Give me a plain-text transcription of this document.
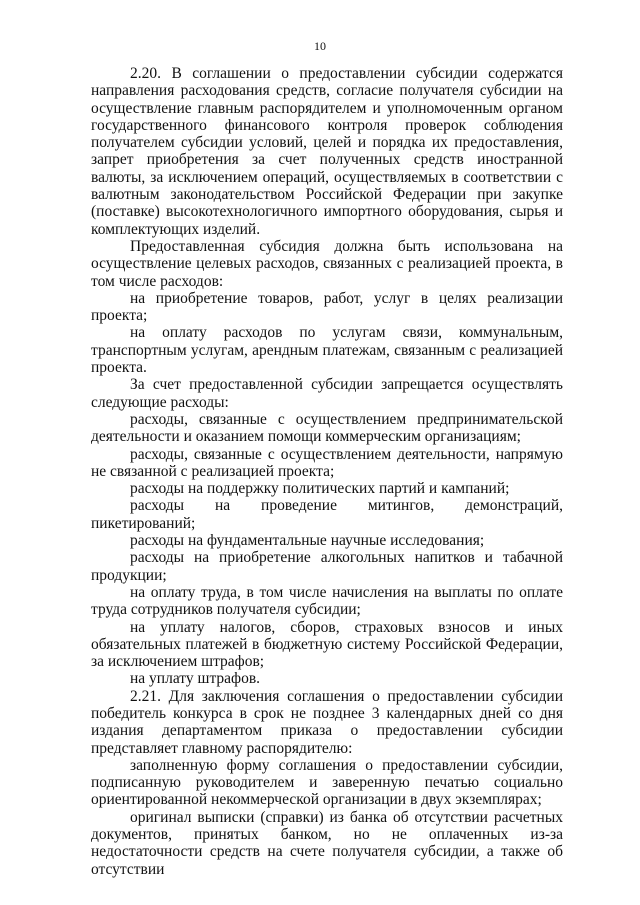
10

2.20. В соглашении о предоставлении субсидии содержатся направления расходования средств, согласие получателя субсидии на осуществление главным распорядителем и уполномоченным органом государственного финансового контроля проверок соблюдения получателем субсидии условий, целей и порядка их предоставления, запрет приобретения за счет полученных средств иностранной валюты, за исключением операций, осуществляемых в соответствии с валютным законодательством Российской Федерации при закупке (поставке) высокотехнологичного импортного оборудования, сырья и комплектующих изделий.

Предоставленная субсидия должна быть использована на осуществление целевых расходов, связанных с реализацией проекта, в том числе расходов:

на приобретение товаров, работ, услуг в целях реализации проекта;

на оплату расходов по услугам связи, коммунальным, транспортным услугам, арендным платежам, связанным с реализацией проекта.

За счет предоставленной субсидии запрещается осуществлять следующие расходы:

расходы, связанные с осуществлением предпринимательской деятельности и оказанием помощи коммерческим организациям;

расходы, связанные с осуществлением деятельности, напрямую не связанной с реализацией проекта;

расходы на поддержку политических партий и кампаний;

расходы на проведение митингов, демонстраций, пикетирований;

расходы на фундаментальные научные исследования;

расходы на приобретение алкогольных напитков и табачной продукции;

на оплату труда, в том числе начисления на выплаты по оплате труда сотрудников получателя субсидии;

на уплату налогов, сборов, страховых взносов и иных обязательных платежей в бюджетную систему Российской Федерации, за исключением штрафов;

на уплату штрафов.

2.21. Для заключения соглашения о предоставлении субсидии победитель конкурса в срок не позднее 3 календарных дней со дня издания департаментом приказа о предоставлении субсидии представляет главному распорядителю:

заполненную форму соглашения о предоставлении субсидии, подписанную руководителем и заверенную печатью социально ориентированной некоммерческой организации в двух экземплярах;

оригинал выписки (справки) из банка об отсутствии расчетных документов, принятых банком, но не оплаченных из-за недостаточности средств на счете получателя субсидии, а также об отсутствии
